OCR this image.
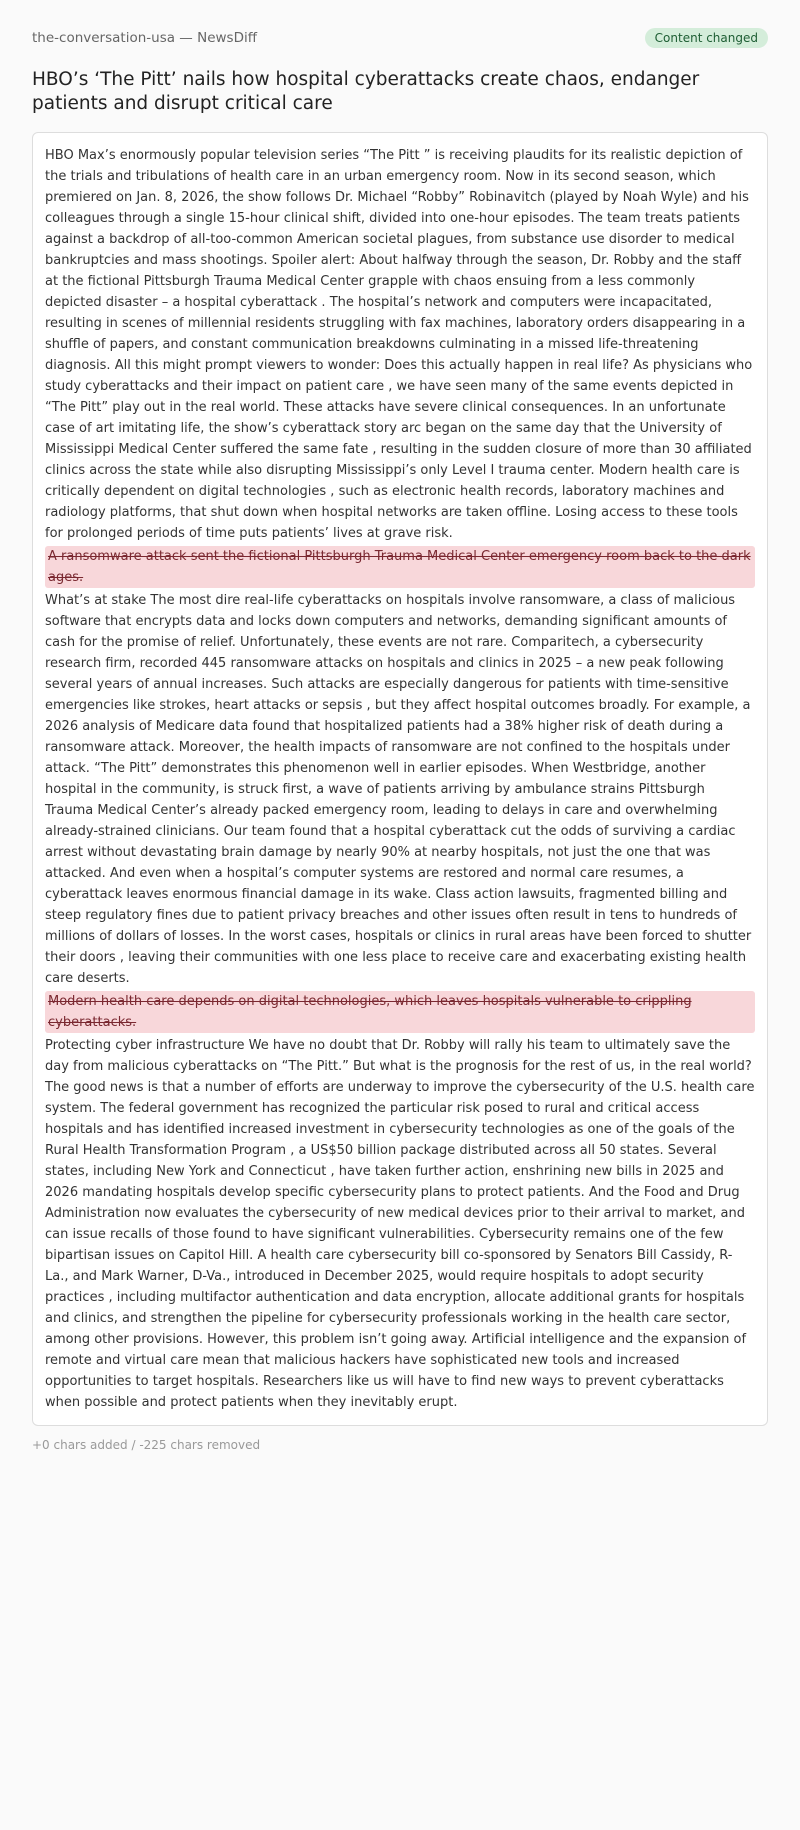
the-conversation-usa — NewsDiff	Content changed
HBO’s ‘The Pitt’ nails how hospital cyberattacks create chaos, endanger patients and disrupt critical care

HBO Max’s enormously popular television series “The Pitt ” is receiving plaudits for its realistic depiction of the trials and tribulations of health care in an urban emergency room. Now in its second season, which premiered on Jan. 8, 2026, the show follows Dr. Michael “Robby” Robinavitch (played by Noah Wyle) and his colleagues through a single 15-hour clinical shift, divided into one-hour episodes. The team treats patients against a backdrop of all-too-common American societal plagues, from substance use disorder to medical bankruptcies and mass shootings. Spoiler alert: About halfway through the season, Dr. Robby and the staff at the fictional Pittsburgh Trauma Medical Center grapple with chaos ensuing from a less commonly depicted disaster – a hospital cyberattack . The hospital’s network and computers were incapacitated, resulting in scenes of millennial residents struggling with fax machines, laboratory orders disappearing in a shuffle of papers, and constant communication breakdowns culminating in a missed life-threatening diagnosis. All this might prompt viewers to wonder: Does this actually happen in real life? As physicians who study cyberattacks and their impact on patient care , we have seen many of the same events depicted in “The Pitt” play out in the real world. These attacks have severe clinical consequences. In an unfortunate case of art imitating life, the show’s cyberattack story arc began on the same day that the University of Mississippi Medical Center suffered the same fate , resulting in the sudden closure of more than 30 affiliated clinics across the state while also disrupting Mississippi’s only Level I trauma center. Modern health care is critically dependent on digital technologies , such as electronic health records, laboratory machines and radiology platforms, that shut down when hospital networks are taken offline. Losing access to these tools for prolonged periods of time puts patients’ lives at grave risk.

A ransomware attack sent the fictional Pittsburgh Trauma Medical Center emergency room back to the dark ages.

What’s at stake The most dire real-life cyberattacks on hospitals involve ransomware, a class of malicious software that encrypts data and locks down computers and networks, demanding significant amounts of cash for the promise of relief. Unfortunately, these events are not rare. Comparitech, a cybersecurity research firm, recorded 445 ransomware attacks on hospitals and clinics in 2025 – a new peak following several years of annual increases. Such attacks are especially dangerous for patients with time-sensitive emergencies like strokes, heart attacks or sepsis , but they affect hospital outcomes broadly. For example, a 2026 analysis of Medicare data found that hospitalized patients had a 38% higher risk of death during a ransomware attack. Moreover, the health impacts of ransomware are not confined to the hospitals under attack. “The Pitt” demonstrates this phenomenon well in earlier episodes. When Westbridge, another hospital in the community, is struck first, a wave of patients arriving by ambulance strains Pittsburgh Trauma Medical Center’s already packed emergency room, leading to delays in care and overwhelming already-strained clinicians. Our team found that a hospital cyberattack cut the odds of surviving a cardiac arrest without devastating brain damage by nearly 90% at nearby hospitals, not just the one that was attacked. And even when a hospital’s computer systems are restored and normal care resumes, a cyberattack leaves enormous financial damage in its wake. Class action lawsuits, fragmented billing and steep regulatory fines due to patient privacy breaches and other issues often result in tens to hundreds of millions of dollars of losses. In the worst cases, hospitals or clinics in rural areas have been forced to shutter their doors , leaving their communities with one less place to receive care and exacerbating existing health care deserts.

Modern health care depends on digital technologies, which leaves hospitals vulnerable to crippling cyberattacks.

Protecting cyber infrastructure We have no doubt that Dr. Robby will rally his team to ultimately save the day from malicious cyberattacks on “The Pitt.” But what is the prognosis for the rest of us, in the real world? The good news is that a number of efforts are underway to improve the cybersecurity of the U.S. health care system. The federal government has recognized the particular risk posed to rural and critical access hospitals and has identified increased investment in cybersecurity technologies as one of the goals of the Rural Health Transformation Program , a US$50 billion package distributed across all 50 states. Several states, including New York and Connecticut , have taken further action, enshrining new bills in 2025 and 2026 mandating hospitals develop specific cybersecurity plans to protect patients. And the Food and Drug Administration now evaluates the cybersecurity of new medical devices prior to their arrival to market, and can issue recalls of those found to have significant vulnerabilities. Cybersecurity remains one of the few bipartisan issues on Capitol Hill. A health care cybersecurity bill co-sponsored by Senators Bill Cassidy, R-La., and Mark Warner, D-Va., introduced in December 2025, would require hospitals to adopt security practices , including multifactor authentication and data encryption, allocate additional grants for hospitals and clinics, and strengthen the pipeline for cybersecurity professionals working in the health care sector, among other provisions. However, this problem isn’t going away. Artificial intelligence and the expansion of remote and virtual care mean that malicious hackers have sophisticated new tools and increased opportunities to target hospitals. Researchers like us will have to find new ways to prevent cyberattacks when possible and protect patients when they inevitably erupt.

+0 chars added / -225 chars removed
